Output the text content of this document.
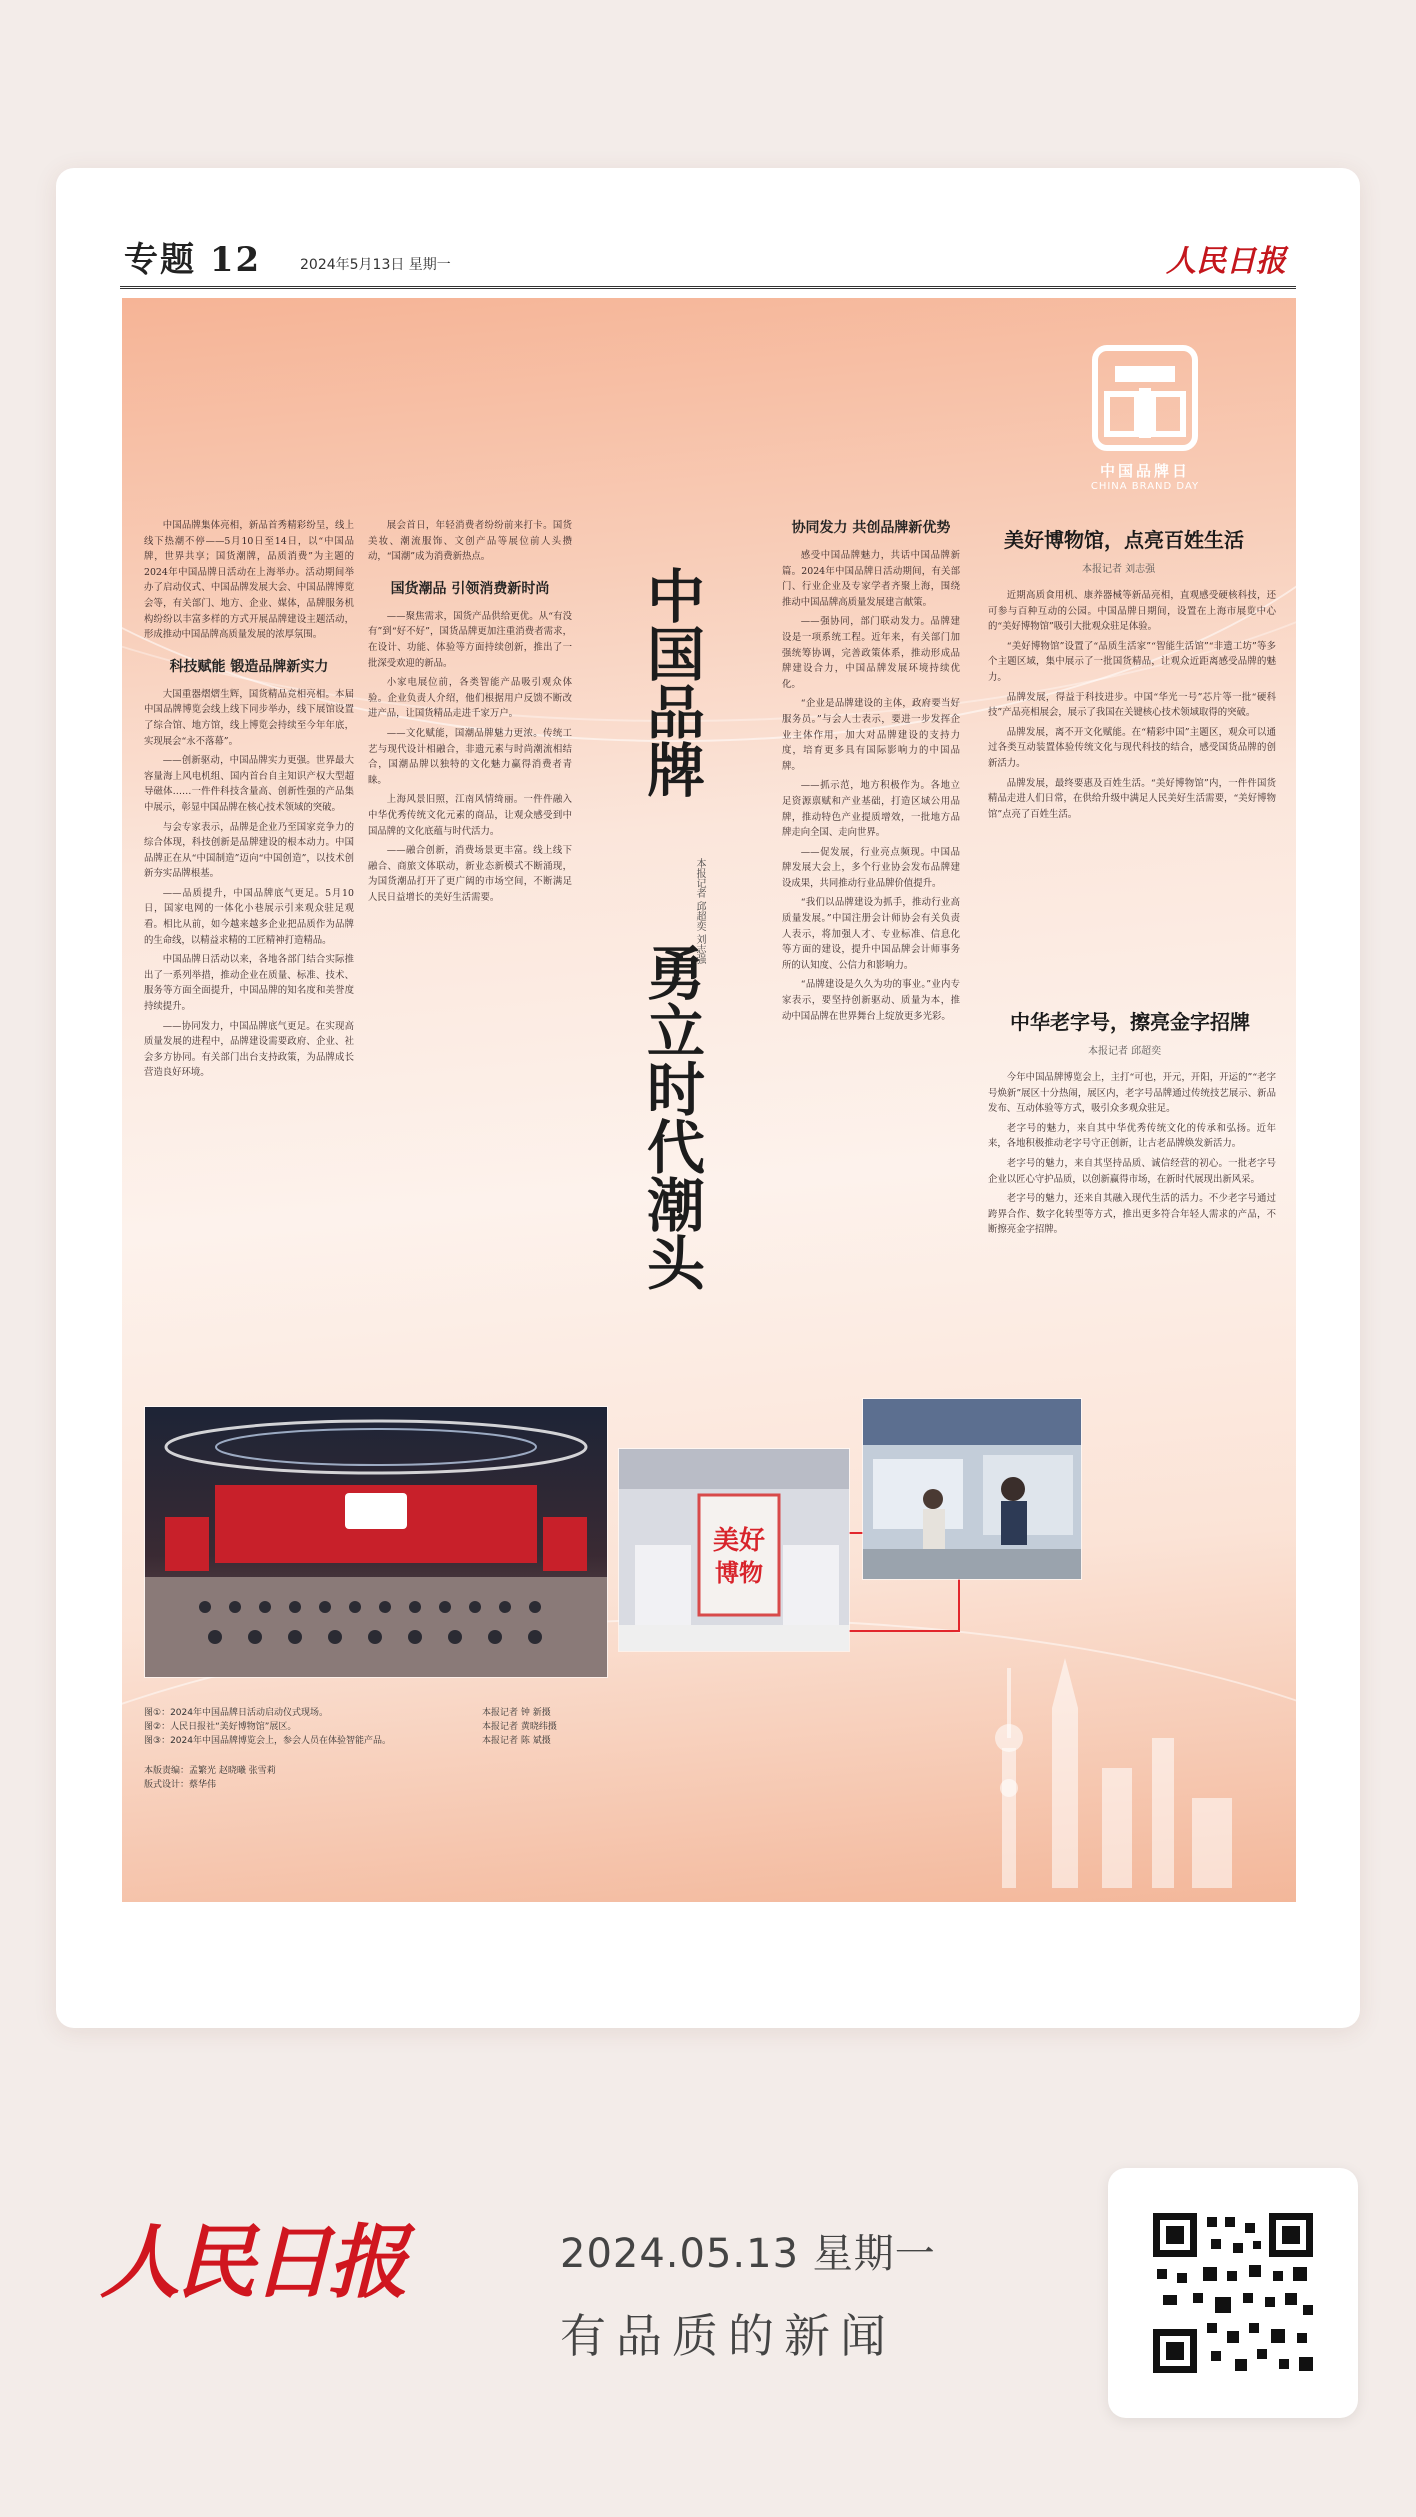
专题 12	2024年5月13日 星期一	人民日报
中国品牌日
CHINA BRAND DAY

中国品牌集体亮相，新品首秀精彩纷呈，线上线下热潮不停——5月10日至14日，以“中国品牌，世界共享；国货潮牌，品质消费”为主题的2024年中国品牌日活动在上海举办。活动期间举办了启动仪式、中国品牌发展大会、中国品牌博览会等，有关部门、地方、企业、媒体，品牌服务机构纷纷以丰富多样的方式开展品牌建设主题活动，形成推动中国品牌高质量发展的浓厚氛围。

科技赋能 锻造品牌新实力

大国重器熠熠生辉，国货精品竞相亮相。本届中国品牌博览会线上线下同步举办，线下展馆设置了综合馆、地方馆，线上博览会持续至今年年底，实现展会“永不落幕”。

——创新驱动，中国品牌实力更强。世界最大容量海上风电机组、国内首台自主知识产权大型超导磁体……一件件科技含量高、创新性强的产品集中展示，彰显中国品牌在核心技术领域的突破。

与会专家表示，品牌是企业乃至国家竞争力的综合体现，科技创新是品牌建设的根本动力。中国品牌正在从“中国制造”迈向“中国创造”，以技术创新夯实品牌根基。

——品质提升，中国品牌底气更足。5月10日，国家电网的一体化小巷展示引来观众驻足观看。相比从前，如今越来越多企业把品质作为品牌的生命线，以精益求精的工匠精神打造精品。

中国品牌日活动以来，各地各部门结合实际推出了一系列举措，推动企业在质量、标准、技术、服务等方面全面提升，中国品牌的知名度和美誉度持续提升。

——协同发力，中国品牌底气更足。在实现高质量发展的进程中，品牌建设需要政府、企业、社会多方协同。有关部门出台支持政策，为品牌成长营造良好环境。

展会首日，年轻消费者纷纷前来打卡。国货美妆、潮流服饰、文创产品等展位前人头攒动，“国潮”成为消费新热点。

国货潮品 引领消费新时尚

——聚焦需求，国货产品供给更优。从“有没有”到“好不好”，国货品牌更加注重消费者需求，在设计、功能、体验等方面持续创新，推出了一批深受欢迎的新品。

小家电展位前，各类智能产品吸引观众体验。企业负责人介绍，他们根据用户反馈不断改进产品，让国货精品走进千家万户。

——文化赋能，国潮品牌魅力更浓。传统工艺与现代设计相融合，非遗元素与时尚潮流相结合，国潮品牌以独特的文化魅力赢得消费者青睐。

上海风景旧照，江南风情绮丽。一件件融入中华优秀传统文化元素的商品，让观众感受到中国品牌的文化底蕴与时代活力。

——融合创新，消费场景更丰富。线上线下融合、商旅文体联动，新业态新模式不断涌现，为国货潮品打开了更广阔的市场空间，不断满足人民日益增长的美好生活需要。

中国品牌
勇立时代潮头
本报记者 邱超奕 刘志强
协同发力 共创品牌新优势

感受中国品牌魅力，共话中国品牌新篇。2024年中国品牌日活动期间，有关部门、行业企业及专家学者齐聚上海，围绕推动中国品牌高质量发展建言献策。

——强协同，部门联动发力。品牌建设是一项系统工程。近年来，有关部门加强统筹协调，完善政策体系，推动形成品牌建设合力，中国品牌发展环境持续优化。

“企业是品牌建设的主体，政府要当好服务员。”与会人士表示，要进一步发挥企业主体作用，加大对品牌建设的支持力度，培育更多具有国际影响力的中国品牌。

——抓示范，地方积极作为。各地立足资源禀赋和产业基础，打造区域公用品牌，推动特色产业提质增效，一批地方品牌走向全国、走向世界。

——促发展，行业亮点频现。中国品牌发展大会上，多个行业协会发布品牌建设成果，共同推动行业品牌价值提升。

“我们以品牌建设为抓手，推动行业高质量发展。”中国注册会计师协会有关负责人表示，将加强人才、专业标准、信息化等方面的建设，提升中国品牌会计师事务所的认知度、公信力和影响力。

“品牌建设是久久为功的事业。”业内专家表示，要坚持创新驱动、质量为本，推动中国品牌在世界舞台上绽放更多光彩。

美好博物馆，点亮百姓生活
本报记者 刘志强

近期高质食用机、康养器械等新品亮相，直观感受硬核科技，还可参与百种互动的公园。中国品牌日期间，设置在上海市展览中心的“美好博物馆”吸引大批观众驻足体验。

“美好博物馆”设置了“品质生活家”“智能生活馆”“非遗工坊”等多个主题区域，集中展示了一批国货精品，让观众近距离感受品牌的魅力。

品牌发展，得益于科技进步。中国“华光一号”芯片等一批“硬科技”产品亮相展会，展示了我国在关键核心技术领域取得的突破。

品牌发展，离不开文化赋能。在“精彩中国”主题区，观众可以通过各类互动装置体验传统文化与现代科技的结合，感受国货品牌的创新活力。

品牌发展，最终要惠及百姓生活。“美好博物馆”内，一件件国货精品走进人们日常，在供给升级中满足人民美好生活需要，“美好博物馆”点亮了百姓生活。

中华老字号，擦亮金字招牌
本报记者 邱超奕

今年中国品牌博览会上，主打“可也，开元，开阳，开运的”“老字号焕新”展区十分热闹，展区内，老字号品牌通过传统技艺展示、新品发布、互动体验等方式，吸引众多观众驻足。

老字号的魅力，来自其中华优秀传统文化的传承和弘扬。近年来，各地积极推动老字号守正创新，让古老品牌焕发新活力。

老字号的魅力，来自其坚持品质、诚信经营的初心。一批老字号企业以匠心守护品质，以创新赢得市场，在新时代展现出新风采。

老字号的魅力，还来自其融入现代生活的活力。不少老字号通过跨界合作、数字化转型等方式，推出更多符合年轻人需求的产品，不断擦亮金字招牌。

美好
博物
图①：2024年中国品牌日活动启动仪式现场。
图②：人民日报社“美好博物馆”展区。
图③：2024年中国品牌博览会上，参会人员在体验智能产品。
本报记者 钟 新摄
本报记者 黄晓纬摄
本报记者 陈 斌摄
本版责编：孟繁光 赵晓曦 张雪莉
版式设计：蔡华伟
人民日报	2024.05.13 星期一
有品质的新闻
